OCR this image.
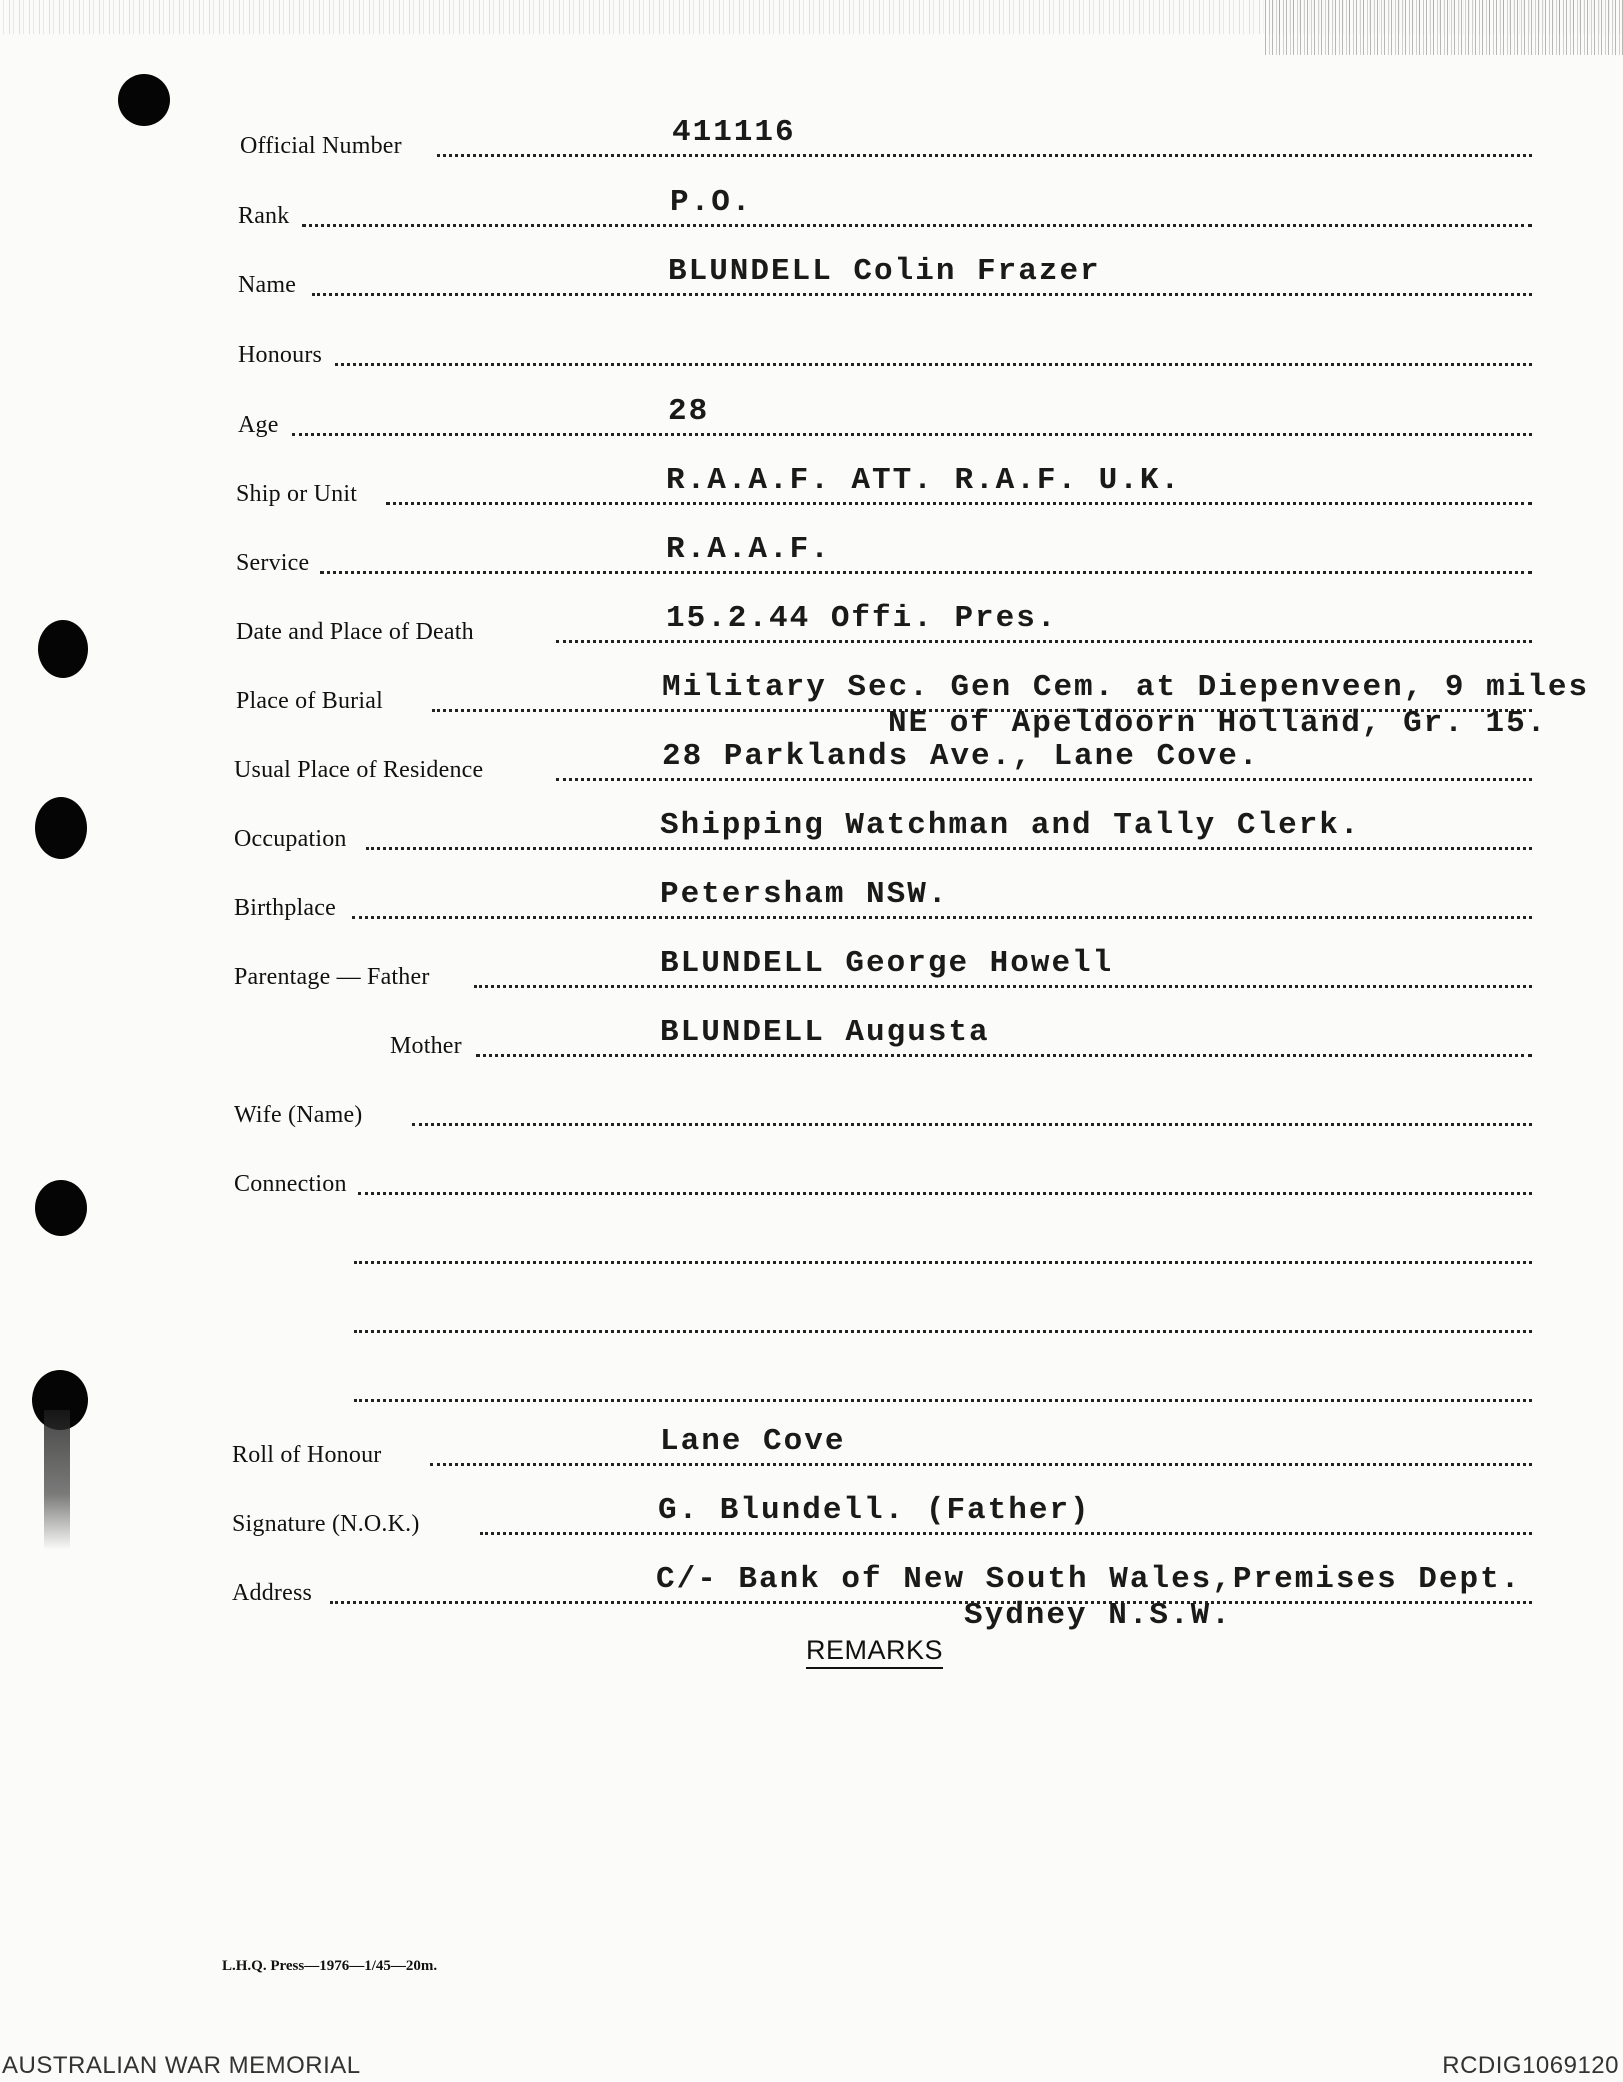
Official Number	411116
Rank	P.O.
Name	BLUNDELL Colin Frazer
Honours
Age	28
Ship or Unit	R.A.A.F. ATT. R.A.F. U.K.
Service	R.A.A.F.
Date and Place of Death	15.2.44 Offi. Pres.
Place of Burial	Military Sec. Gen Cem. at Diepenveen, 9 miles
NE of Apeldoorn Holland, Gr. 15.
Usual Place of Residence	28 Parklands Ave., Lane Cove.
Occupation	Shipping Watchman and Tally Clerk.
Birthplace	Petersham NSW.
Parentage — Father	BLUNDELL George Howell
Mother	BLUNDELL Augusta
Wife (Name)
Connection
Roll of Honour	Lane Cove
Signature (N.O.K.)	G. Blundell. (Father)
Address	C/- Bank of New South Wales,Premises Dept.
Sydney N.S.W.
REMARKS
L.H.Q. Press—1976—1/45—20m.
AUSTRALIAN WAR MEMORIAL	RCDIG1069120
